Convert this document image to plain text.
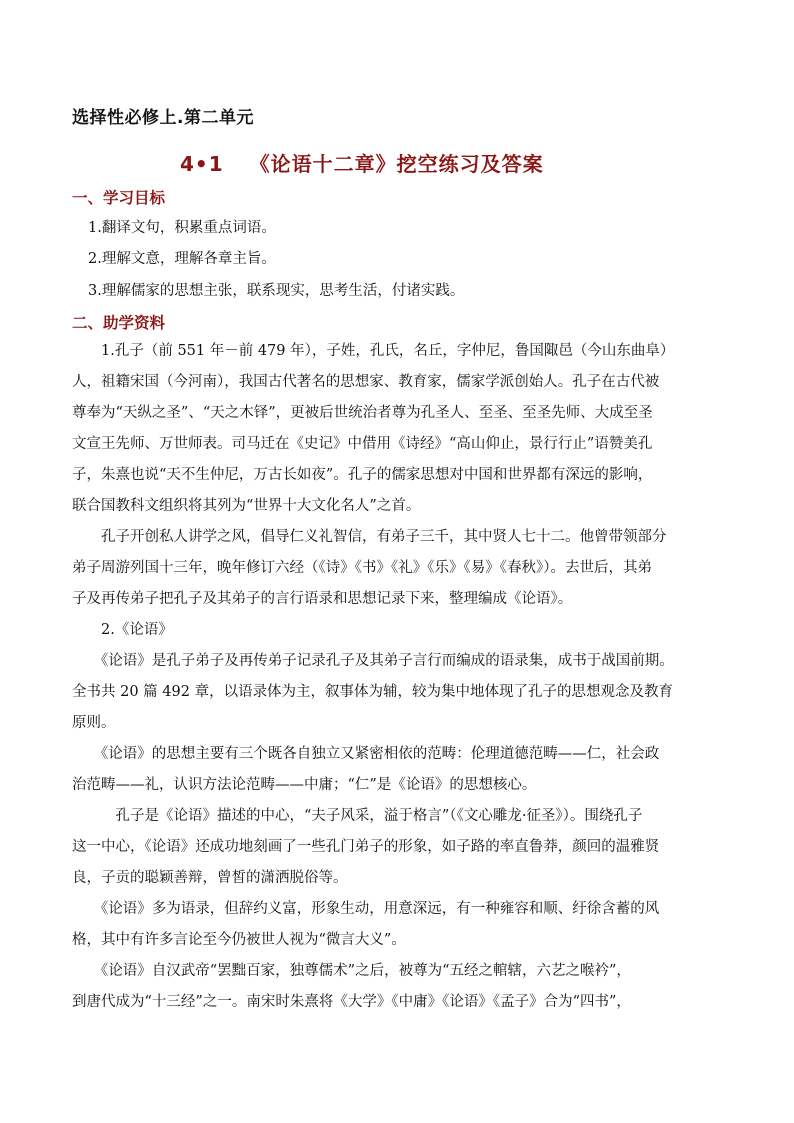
选择性必修上.第二单元
4•1 《论语十二章》挖空练习及答案
一、学习目标
1.翻译文句，积累重点词语。
2.理解文意，理解各章主旨。
3.理解儒家的思想主张，联系现实，思考生活，付诸实践。
二、助学资料
　　1.孔子（前 551 年－前 479 年），子姓，孔氏，名丘，字仲尼，鲁国陬邑（今山东曲阜）
人，祖籍宋国（今河南），我国古代著名的思想家、教育家，儒家学派创始人。孔子在古代被
尊奉为“天纵之圣”、“天之木铎”，更被后世统治者尊为孔圣人、至圣、至圣先师、大成至圣
文宣王先师、万世师表。司马迁在《史记》中借用《诗经》“高山仰止，景行行止”语赞美孔
子，朱熹也说“天不生仲尼，万古长如夜”。孔子的儒家思想对中国和世界都有深远的影响，
联合国教科文组织将其列为“世界十大文化名人”之首。
　　孔子开创私人讲学之风，倡导仁义礼智信，有弟子三千，其中贤人七十二。他曾带领部分
弟子周游列国十三年，晚年修订六经（《诗》《书》《礼》《乐》《易》《春秋》）。去世后，其弟
子及再传弟子把孔子及其弟子的言行语录和思想记录下来，整理编成《论语》。
　　2.《论语》
　　《论语》是孔子弟子及再传弟子记录孔子及其弟子言行而编成的语录集，成书于战国前期。
全书共 20 篇 492 章，以语录体为主，叙事体为辅，较为集中地体现了孔子的思想观念及教育
原则。
　　《论语》的思想主要有三个既各自独立又紧密相依的范畴：伦理道德范畴——仁，社会政
治范畴——礼，认识方法论范畴——中庸；“仁”是《论语》的思想核心。
　　　孔子是《论语》描述的中心，“夫子风采，溢于格言”（《文心雕龙·征圣》）。围绕孔子
这一中心，《论语》还成功地刻画了一些孔门弟子的形象，如子路的率直鲁莽，颜回的温雅贤
良，子贡的聪颖善辩，曾皙的潇洒脱俗等。
　　《论语》多为语录，但辞约义富，形象生动，用意深远，有一种雍容和顺、纡徐含蓄的风
格，其中有许多言论至今仍被世人视为“微言大义”。
　　《论语》自汉武帝“罢黜百家，独尊儒术”之后，被尊为“五经之輨辖，六艺之喉衿”，
到唐代成为“十三经”之一。南宋时朱熹将《大学》《中庸》《论语》《孟子》合为“四书”，
